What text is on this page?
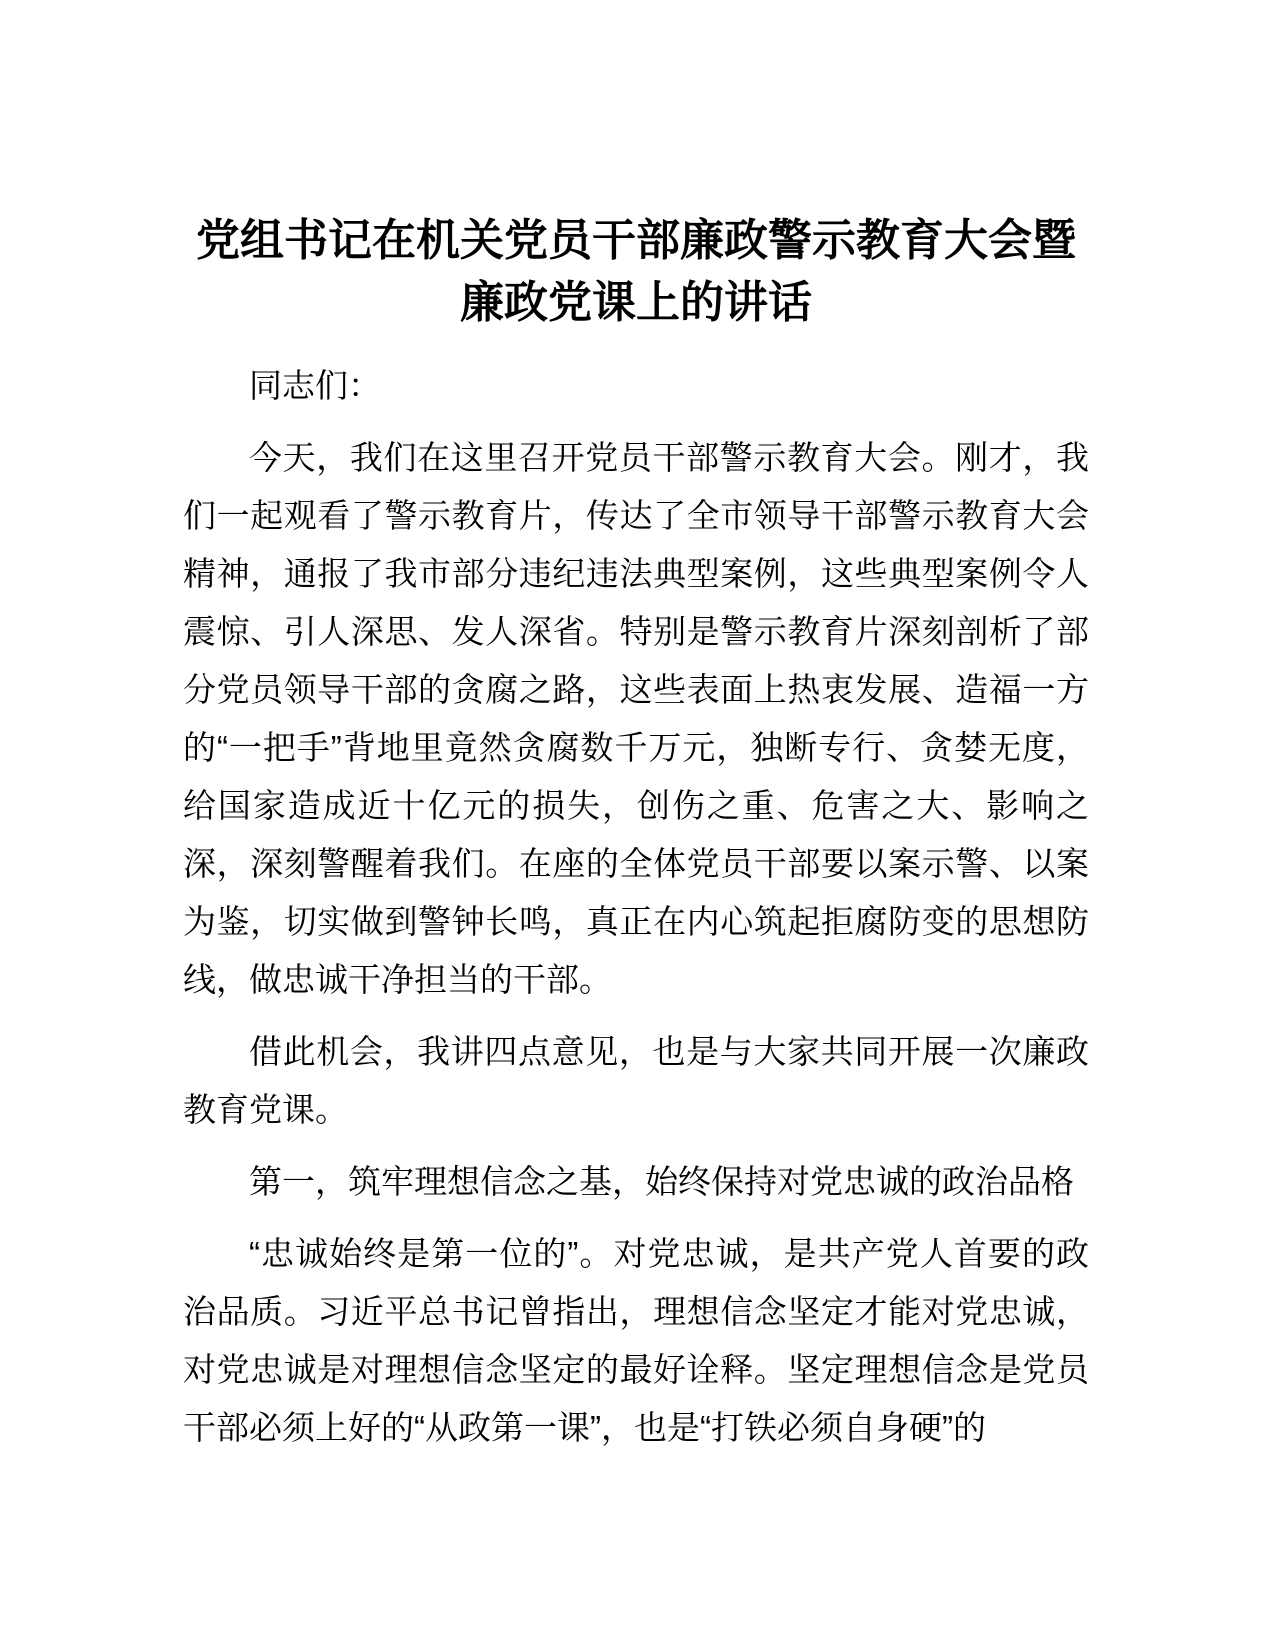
党组书记在机关党员干部廉政警示教育大会暨廉政党课上的讲话

同志们：

今天，我们在这里召开党员干部警示教育大会。刚才，我们一起观看了警示教育片，传达了全市领导干部警示教育大会精神，通报了我市部分违纪违法典型案例，这些典型案例令人震惊、引人深思、发人深省。特别是警示教育片深刻剖析了部分党员领导干部的贪腐之路，这些表面上热衷发展、造福一方的“一把手”背地里竟然贪腐数千万元，独断专行、贪婪无度，给国家造成近十亿元的损失，创伤之重、危害之大、影响之深，深刻警醒着我们。在座的全体党员干部要以案示警、以案为鉴，切实做到警钟长鸣，真正在内心筑起拒腐防变的思想防线，做忠诚干净担当的干部。

借此机会，我讲四点意见，也是与大家共同开展一次廉政教育党课。

第一，筑牢理想信念之基，始终保持对党忠诚的政治品格

“忠诚始终是第一位的”。对党忠诚，是共产党人首要的政治品质。习近平总书记曾指出，理想信念坚定才能对党忠诚，对党忠诚是对理想信念坚定的最好诠释。坚定理想信念是党员干部必须上好的“从政第一课”，也是“打铁必须自身硬”的
